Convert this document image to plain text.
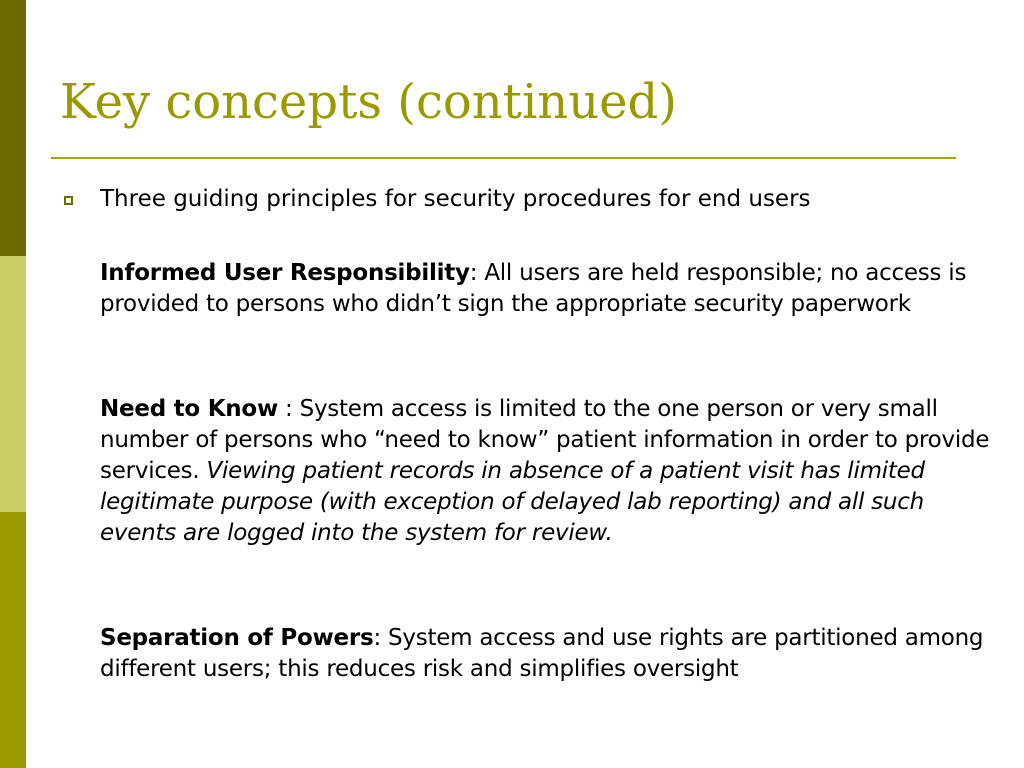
Key concepts (continued)

Three guiding principles for security procedures for end users

Informed User Responsibility: All users are held responsible; no access is provided to persons who didn’t sign the appropriate security paperwork

Need to Know : System access is limited to the one person or very small number of persons who “need to know” patient information in order to provide services. Viewing patient records in absence of a patient visit has limited legitimate purpose (with exception of delayed lab reporting) and all such events are logged into the system for review.

Separation of Powers: System access and use rights are partitioned among different users; this reduces risk and simplifies oversight
